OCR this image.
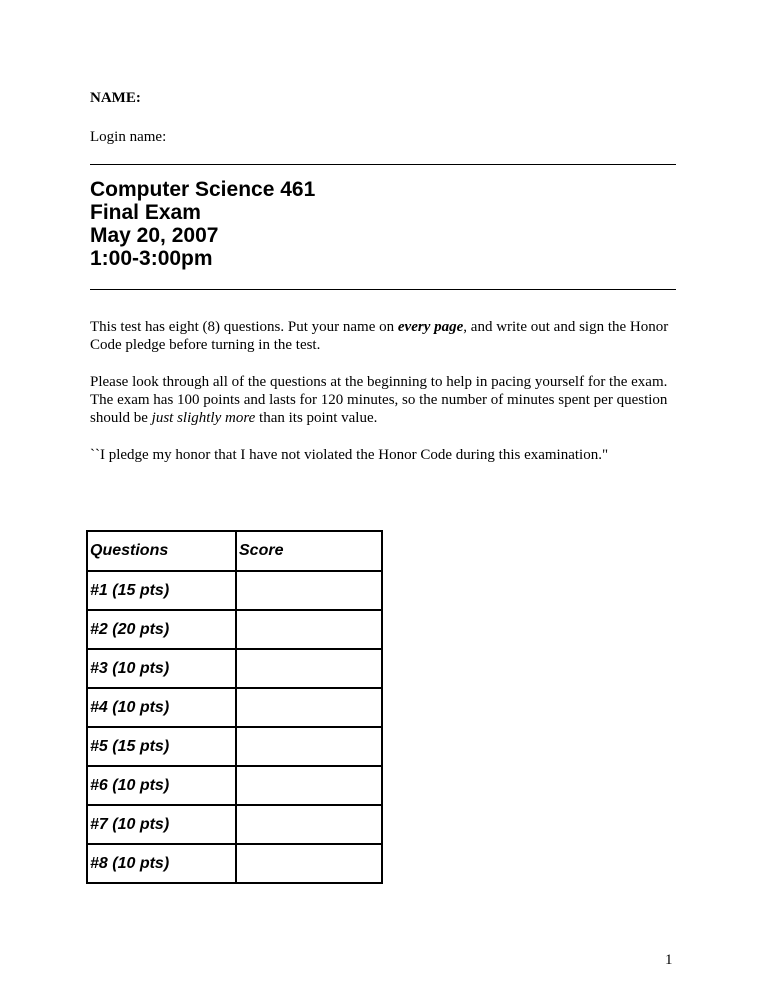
NAME:
Login name:
Computer Science 461
Final Exam
May 20, 2007
1:00-3:00pm
This test has eight (8) questions. Put your name on every page, and write out and sign the Honor Code pledge before turning in the test.
Please look through all of the questions at the beginning to help in pacing yourself for the exam. The exam has 100 points and lasts for 120 minutes, so the number of minutes spent per question should be just slightly more than its point value.
``I pledge my honor that I have not violated the Honor Code during this examination."
Questions	Score
#1 (15 pts)	
#2 (20 pts)	
#3 (10 pts)	
#4 (10 pts)	
#5 (15 pts)	
#6 (10 pts)	
#7 (10 pts)	
#8 (10 pts)	
1
